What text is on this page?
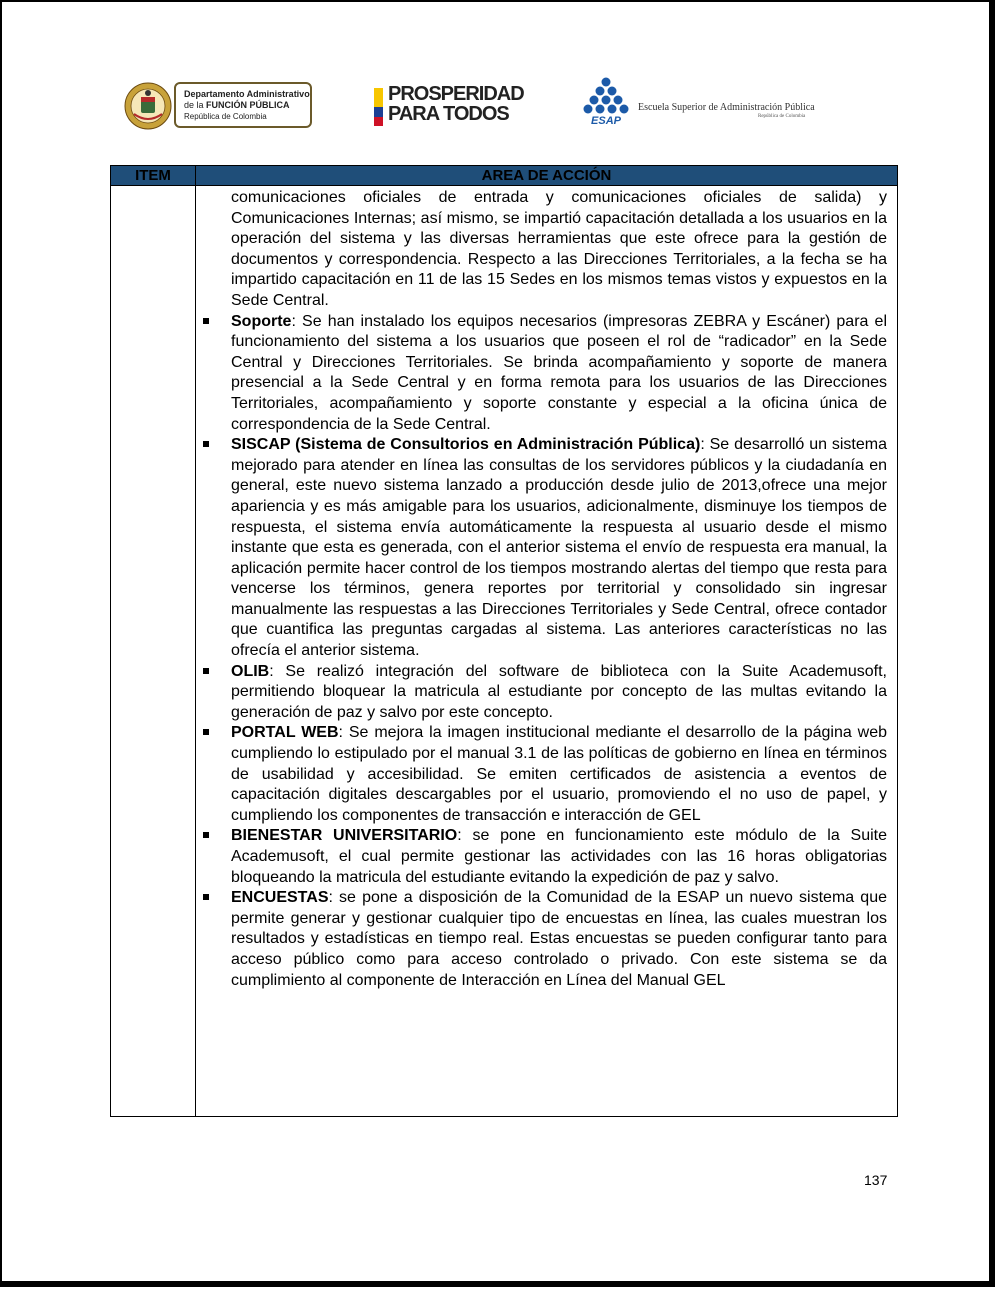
Departamento Administrativo
de la FUNCIÓN PÚBLICA
República de Colombia
PROSPERIDAD
PARA TODOS	ESAP
Escuela Superior de Administración Pública
República de Colombia
ITEM	AREA DE ACCIÓN

comunicaciones oficiales de entrada y comunicaciones oficiales de salida) y Comunicaciones Internas; así mismo, se impartió capacitación detallada a los usuarios en la operación del sistema y las diversas herramientas que este ofrece para la gestión de documentos y correspondencia. Respecto a las Direcciones Territoriales, a la fecha se ha impartido capacitación en 11 de las 15 Sedes en los mismos temas vistos y expuestos en la Sede Central.

Soporte: Se han instalado los equipos necesarios (impresoras ZEBRA y Escáner) para el funcionamiento del sistema a los usuarios que poseen el rol de “radicador” en la Sede Central y Direcciones Territoriales. Se brinda acompañamiento y soporte de manera presencial a la Sede Central y en forma remota para los usuarios de las Direcciones Territoriales, acompañamiento y soporte constante y especial a la oficina única de correspondencia de la Sede Central.
SISCAP (Sistema de Consultorios en Administración Pública): Se desarrolló un sistema mejorado para atender en línea las consultas de los servidores públicos y la ciudadanía en general, este nuevo sistema lanzado a producción desde julio de 2013,ofrece una mejor apariencia y es más amigable para los usuarios, adicionalmente, disminuye los tiempos de respuesta, el sistema envía automáticamente la respuesta al usuario desde el mismo instante que esta es generada, con el anterior sistema el envío de respuesta era manual, la aplicación permite hacer control de los tiempos mostrando alertas del tiempo que resta para vencerse los términos, genera reportes por territorial y consolidado sin ingresar manualmente las respuestas a las Direcciones Territoriales y Sede Central, ofrece contador que cuantifica las preguntas cargadas al sistema. Las anteriores características no las ofrecía el anterior sistema.
OLIB: Se realizó integración del software de biblioteca con la Suite Academusoft, permitiendo bloquear la matricula al estudiante por concepto de las multas evitando la generación de paz y salvo por este concepto.
PORTAL WEB: Se mejora la imagen institucional mediante el desarrollo de la página web cumpliendo lo estipulado por el manual 3.1 de las políticas de gobierno en línea en términos de usabilidad y accesibilidad. Se emiten certificados de asistencia a eventos de capacitación digitales descargables por el usuario, promoviendo el no uso de papel, y cumpliendo los componentes de transacción e interacción de GEL
BIENESTAR UNIVERSITARIO: se pone en funcionamiento este módulo de la Suite Academusoft, el cual permite gestionar las actividades con las 16 horas obligatorias bloqueando la matricula del estudiante evitando la expedición de paz y salvo.
ENCUESTAS: se pone a disposición de la Comunidad de la ESAP un nuevo sistema que permite generar y gestionar cualquier tipo de encuestas en línea, las cuales muestran los resultados y estadísticas en tiempo real. Estas encuestas se pueden configurar tanto para acceso público como para acceso controlado o privado. Con este sistema se da cumplimiento al componente de Interacción en Línea del Manual GEL
137
